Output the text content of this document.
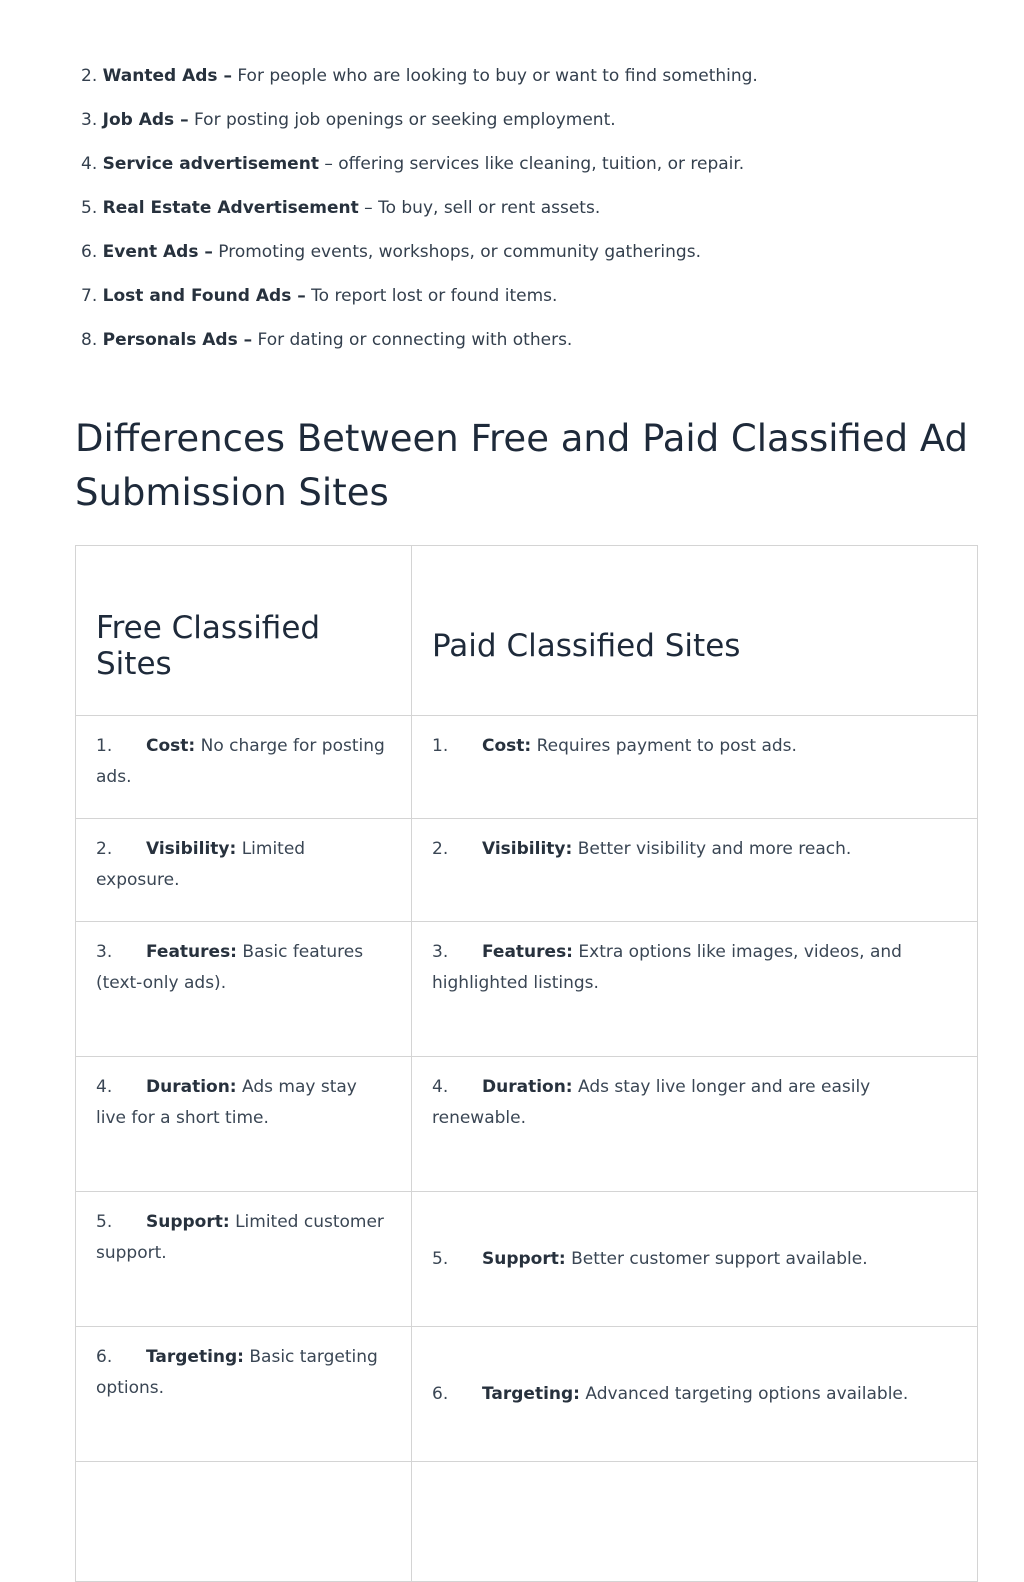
2. Wanted Ads – For people who are looking to buy or want to find something.
3. Job Ads – For posting job openings or seeking employment.
4. Service advertisement – offering services like cleaning, tuition, or repair.
5. Real Estate Advertisement – To buy, sell or rent assets.
6. Event Ads – Promoting events, workshops, or community gatherings.
7. Lost and Found Ads – To report lost or found items.
8. Personals Ads – For dating or connecting with others.
Differences Between Free and Paid Classified Ad Submission Sites
Free Classified Sites	Paid Classified Sites
1. Cost: No charge for posting ads.	1. Cost: Requires payment to post ads.
2. Visibility: Limited exposure.	2. Visibility: Better visibility and more reach.
3. Features: Basic features (text-only ads).	3. Features: Extra options like images, videos, and highlighted listings.
4. Duration: Ads may stay live for a short time.	4. Duration: Ads stay live longer and are easily renewable.
5. Support: Limited customer support.	5. Support: Better customer support available.
6. Targeting: Basic targeting options.	6. Targeting: Advanced targeting options available.
